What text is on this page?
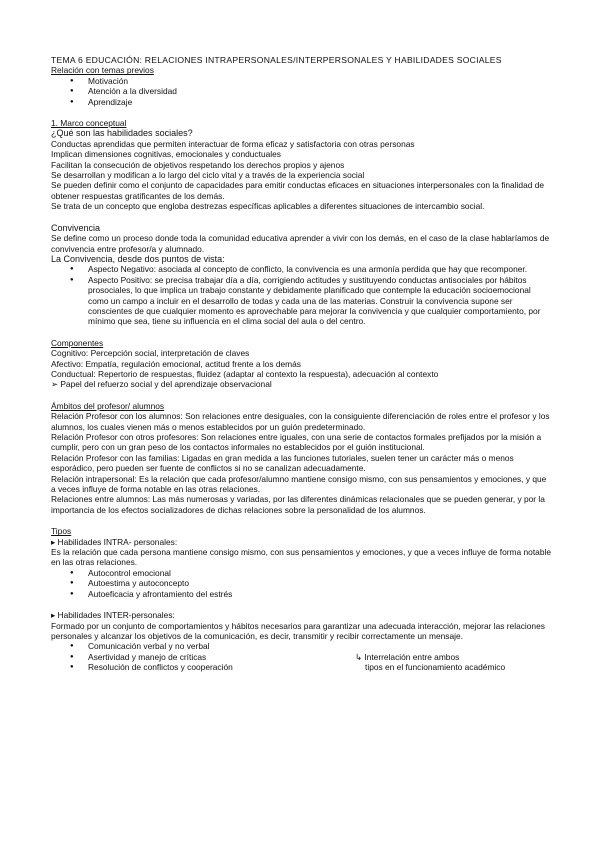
TEMA 6 EDUCACIÓN: RELACIONES INTRAPERSONALES/INTERPERSONALES Y HABILIDADES SOCIALES
Relación con temas previos
● Motivación
● Atención a la diversidad
● Aprendizaje
1. Marco conceptual
¿Qué son las habilidades sociales?
Conductas aprendidas que permiten interactuar de forma eficaz y satisfactoria con otras personas
Implican dimensiones cognitivas, emocionales y conductuales
Facilitan la consecución de objetivos respetando los derechos propios y ajenos
Se desarrollan y modifican a lo largo del ciclo vital y a través de la experiencia social
Se pueden definir como el conjunto de capacidades para emitir conductas eficaces en situaciones interpersonales con la finalidad de obtener respuestas gratificantes de los demás.
Se trata de un concepto que engloba destrezas específicas aplicables a diferentes situaciones de intercambio social.
Convivencia
Se define como un proceso donde toda la comunidad educativa aprender a vivir con los demás, en el caso de la clase hablaríamos de convivencia entre profesor/a y alumnado.
La Convivencia, desde dos puntos de vista:
● Aspecto Negativo: asociada al concepto de conflicto, la convivencia es una armonía perdida que hay que recomponer.
● Aspecto Positivo: se precisa trabajar día a día, corrigiendo actitudes y sustituyendo conductas antisociales por hábitos prosociales, lo que implica un trabajo constante y debidamente planificado que contemple la educación socioemocional como un campo a incluir en el desarrollo de todas y cada una de las materias. Construir la convivencia supone ser conscientes de que cualquier momento es aprovechable para mejorar la convivencia y que cualquier comportamiento, por mínimo que sea, tiene su influencia en el clima social del aula o del centro.
Componentes
Cognitivo: Percepción social, interpretación de claves
Afectivo: Empatía, regulación emocional, actitud frente a los demás
Conductual: Repertorio de respuestas, fluidez (adaptar al contexto la respuesta), adecuación al contexto
➢ Papel del refuerzo social y del aprendizaje observacional
Ámbitos del profesor/ alumnos
Relación Profesor con los alumnos: Son relaciones entre desiguales, con la consiguiente diferenciación de roles entre el profesor y los alumnos, los cuales vienen más o menos establecidos por un guión predeterminado.
Relación Profesor con otros profesores: Son relaciones entre iguales, con una serie de contactos formales prefijados por la misión a cumplir, pero con un gran peso de los contactos informales no establecidos por el guión institucional.
Relación Profesor con las familias: Ligadas en gran medida a las funciones tutoriales, suelen tener un carácter más o menos esporádico, pero pueden ser fuente de conflictos si no se canalizan adecuadamente.
Relación intrapersonal: Es la relación que cada profesor/alumno mantiene consigo mismo, con sus pensamientos y emociones, y que a veces influye de forma notable en las otras relaciones.
Relaciones entre alumnos: Las más numerosas y variadas, por las diferentes dinámicas relacionales que se pueden generar, y por la importancia de los efectos socializadores de dichas relaciones sobre la personalidad de los alumnos.
Tipos
▸ Habilidades INTRA- personales:
Es la relación que cada persona mantiene consigo mismo, con sus pensamientos y emociones, y que a veces influye de forma notable en las otras relaciones.
● Autocontrol emocional
● Autoestima y autoconcepto
● Autoeficacia y afrontamiento del estrés
▸ Habilidades INTER-personales:
Formado por un conjunto de comportamientos y hábitos necesarios para garantizar una adecuada interacción, mejorar las relaciones personales y alcanzar los objetivos de la comunicación, es decir, transmitir y recibir correctamente un mensaje.
● Comunicación verbal y no verbal
● Asertividad y manejo de críticas	↳ Interrelación entre ambos
● Resolución de conflictos y cooperación	tipos en el funcionamiento académico
